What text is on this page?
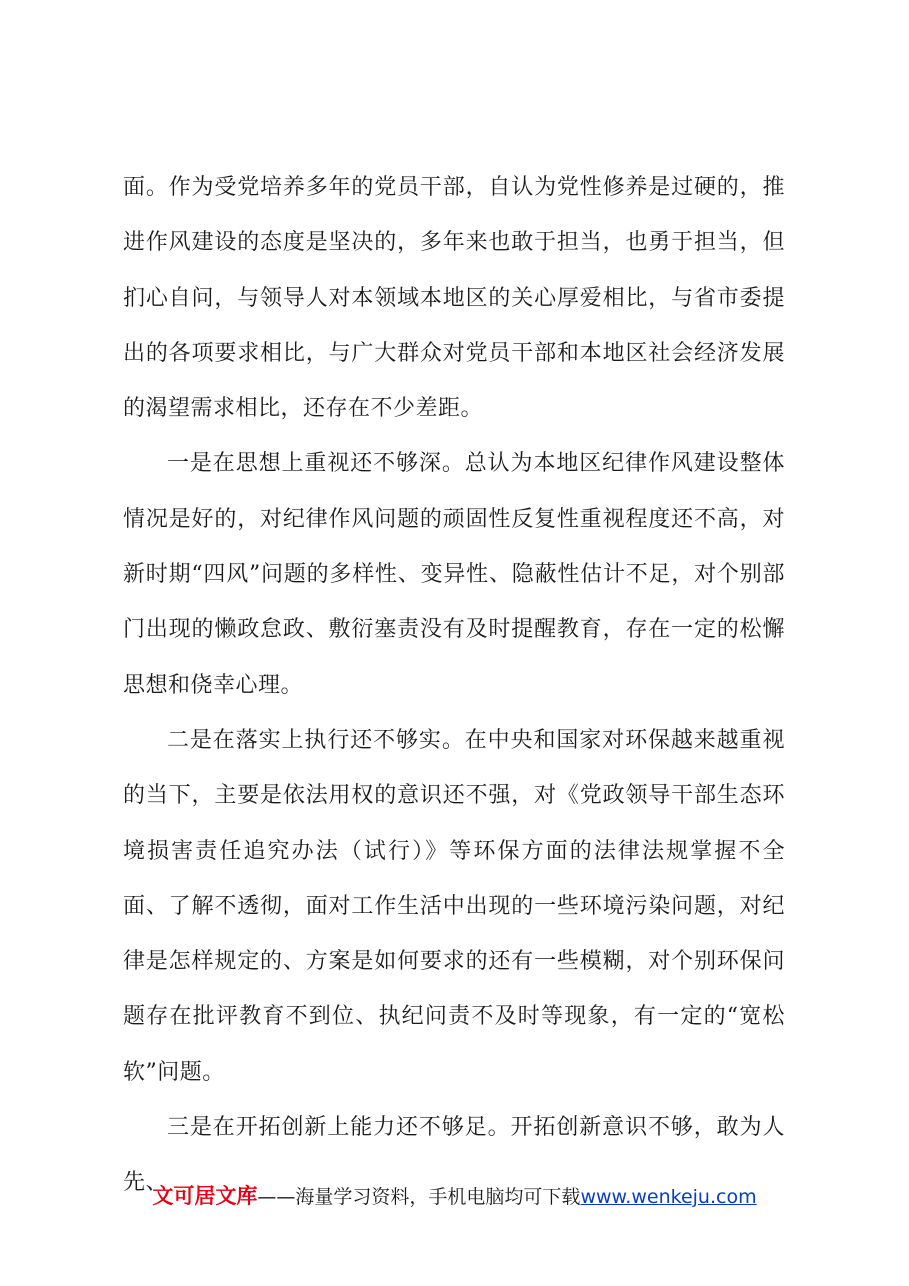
面。作为受党培养多年的党员干部，自认为党性修养是过硬的，推进作风建设的态度是坚决的，多年来也敢于担当，也勇于担当，但扪心自问，与领导人对本领域本地区的关心厚爱相比，与省市委提出的各项要求相比，与广大群众对党员干部和本地区社会经济发展的渴望需求相比，还存在不少差距。

一是在思想上重视还不够深。总认为本地区纪律作风建设整体情况是好的，对纪律作风问题的顽固性反复性重视程度还不高，对新时期“四风”问题的多样性、变异性、隐蔽性估计不足，对个别部门出现的懒政怠政、敷衍塞责没有及时提醒教育，存在一定的松懈思想和侥幸心理。

二是在落实上执行还不够实。在中央和国家对环保越来越重视的当下，主要是依法用权的意识还不强，对《党政领导干部生态环境损害责任追究办法（试行）》等环保方面的法律法规掌握不全面、了解不透彻，面对工作生活中出现的一些环境污染问题，对纪律是怎样规定的、方案是如何要求的还有一些模糊，对个别环保问题存在批评教育不到位、执纪问责不及时等现象，有一定的“宽松软”问题。

三是在开拓创新上能力还不够足。开拓创新意识不够，敢为人先、

文可居文库——海量学习资料，手机电脑均可下载www.wenkeju.com
